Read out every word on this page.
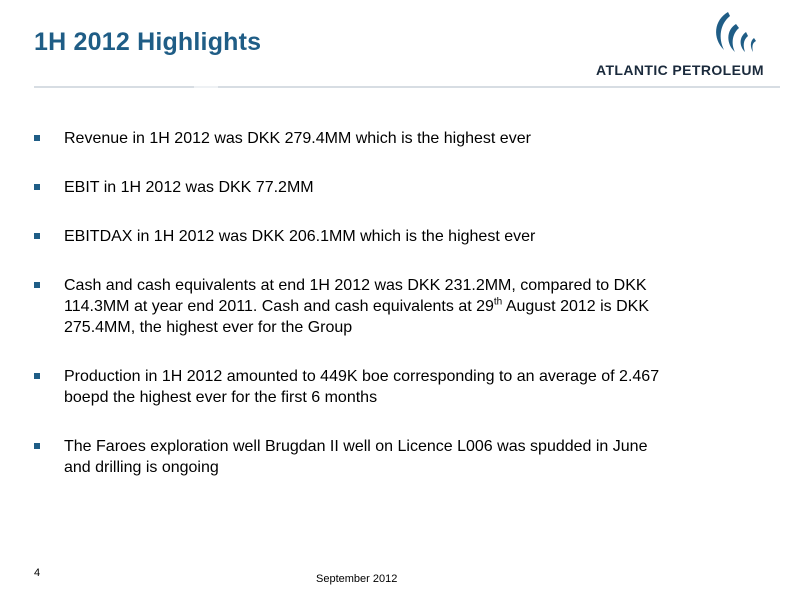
1H 2012 Highlights
ATLANTIC PETROLEUM
Revenue in 1H 2012 was DKK 279.4MM which is the highest ever
EBIT in 1H 2012 was DKK 77.2MM
EBITDAX in 1H 2012 was DKK 206.1MM which is the highest ever
Cash and cash equivalents at end 1H 2012 was DKK 231.2MM, compared to DKK
114.3MM at year end 2011. Cash and cash equivalents at 29th August 2012 is DKK
275.4MM, the highest ever for the Group
Production in 1H 2012 amounted to 449K boe corresponding to an average of 2.467
boepd the highest ever for the first 6 months
The Faroes exploration well Brugdan II well on Licence L006 was spudded in June
and drilling is ongoing
4	September 2012
